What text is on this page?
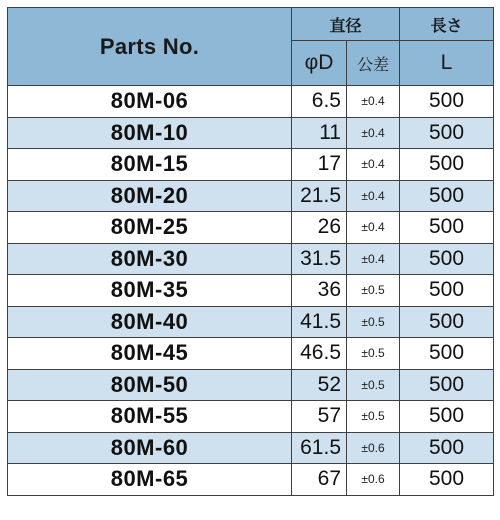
Parts No.	直径		長さ
	φD	公差	L
80M-06	6.5	±0.4	500
80M-10	11	±0.4	500
80M-15	17	±0.4	500
80M-20	21.5	±0.4	500
80M-25	26	±0.4	500
80M-30	31.5	±0.4	500
80M-35	36	±0.5	500
80M-40	41.5	±0.5	500
80M-45	46.5	±0.5	500
80M-50	52	±0.5	500
80M-55	57	±0.5	500
80M-60	61.5	±0.6	500
80M-65	67	±0.6	500
